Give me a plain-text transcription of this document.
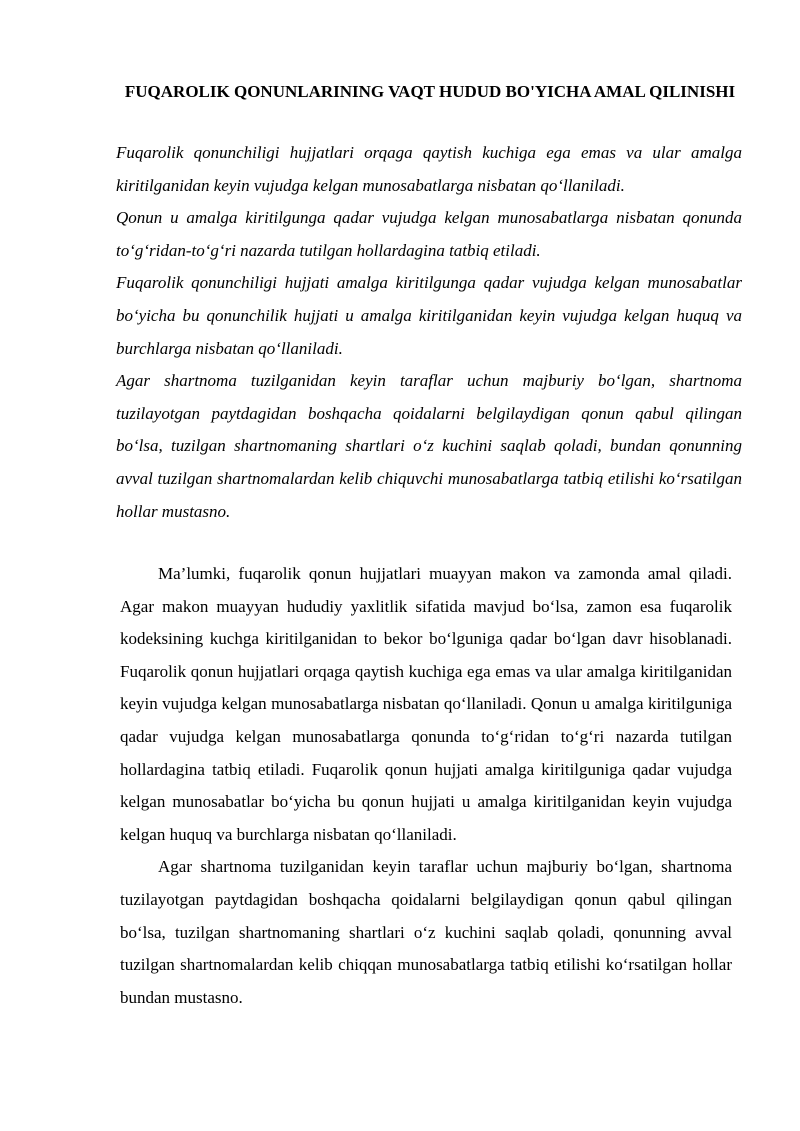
FUQAROLIK QONUNLARINING VAQT HUDUD BO'YICHA AMAL QILINISHI

Fuqarolik qonunchiligi hujjatlari orqaga qaytish kuchiga ega emas va ular amalga kiritilganidan keyin vujudga kelgan munosabatlarga nisbatan qo‘llaniladi.

Qonun u amalga kiritilgunga qadar vujudga kelgan munosabatlarga nisbatan qonunda to‘g‘ridan-to‘g‘ri nazarda tutilgan hollardagina tatbiq etiladi.

Fuqarolik qonunchiligi hujjati amalga kiritilgunga qadar vujudga kelgan munosabatlar bo‘yicha bu qonunchilik hujjati u amalga kiritilganidan keyin vujudga kelgan huquq va burchlarga nisbatan qo‘llaniladi.

Agar shartnoma tuzilganidan keyin taraflar uchun majburiy bo‘lgan, shartnoma tuzilayotgan paytdagidan boshqacha qoidalarni belgilaydigan qonun qabul qilingan bo‘lsa, tuzilgan shartnomaning shartlari o‘z kuchini saqlab qoladi, bundan qonunning avval tuzilgan shartnomalardan kelib chiquvchi munosabatlarga tatbiq etilishi ko‘rsatilgan hollar mustasno.

Ma’lumki, fuqarolik qonun hujjatlari muayyan makon va zamonda amal qiladi. Agar makon muayyan hududiy yaxlitlik sifatida mavjud bo‘lsa, zamon esa fuqarolik kodeksining kuchga kiritilganidan to bekor bo‘lguniga qadar bo‘lgan davr hisoblanadi. Fuqarolik qonun hujjatlari orqaga qaytish kuchiga ega emas va ular amalga kiritilganidan keyin vujudga kelgan munosabatlarga nisbatan qo‘llaniladi. Qonun u amalga kiritilguniga qadar vujudga kelgan munosabatlarga qonunda to‘g‘ridan to‘g‘ri nazarda tutilgan hollardagina tatbiq etiladi. Fuqarolik qonun hujjati amalga kiritilguniga qadar vujudga kelgan munosabatlar bo‘yicha bu qonun hujjati u amalga kiritilganidan keyin vujudga kelgan huquq va burchlarga nisbatan qo‘llaniladi.

Agar shartnoma tuzilganidan keyin taraflar uchun majburiy bo‘lgan, shartnoma tuzilayotgan paytdagidan boshqacha qoidalarni belgilaydigan qonun qabul qilingan bo‘lsa, tuzilgan shartnomaning shartlari o‘z kuchini saqlab qoladi, qonunning avval tuzilgan shartnomalardan kelib chiqqan munosabatlarga tatbiq etilishi ko‘rsatilgan hollar bundan mustasno.
